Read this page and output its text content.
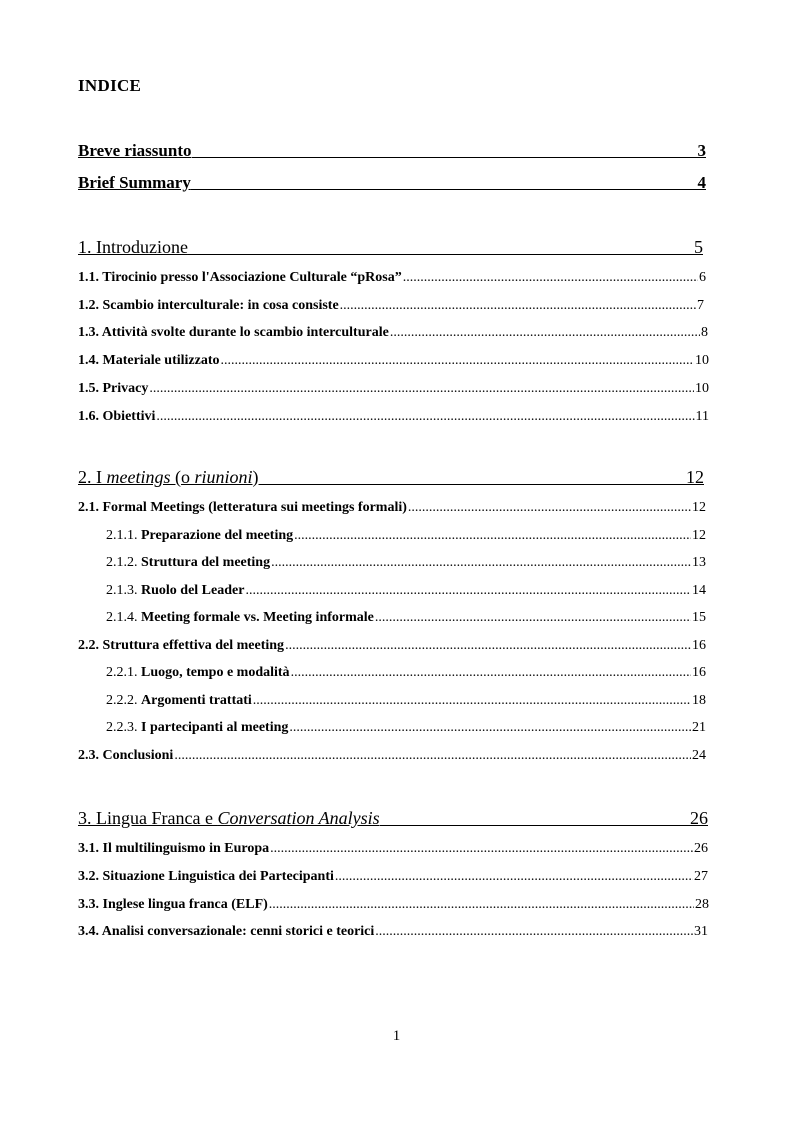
INDICE
Breve riassunto	3
Brief Summary	4
1. Introduzione	5
1.1. Tirocinio presso l'Associazione Culturale “pRosa” .....	6
1.2. Scambio interculturale: in cosa consiste .....	7
1.3. Attività svolte durante lo scambio interculturale .....	8
1.4. Materiale utilizzato .....	10
1.5. Privacy .....	10
1.6. Obiettivi .....	11
2. I meetings (o riunioni)	12
2.1. Formal Meetings (letteratura sui meetings formali) .....	12
2.1.1. Preparazione del meeting .....	12
2.1.2. Struttura del meeting .....	13
2.1.3. Ruolo del Leader .....	14
2.1.4. Meeting formale vs. Meeting informale .....	15
2.2. Struttura effettiva del meeting .....	16
2.2.1. Luogo, tempo e modalità .....	16
2.2.2. Argomenti trattati .....	18
2.2.3. I partecipanti al meeting .....	21
2.3. Conclusioni .....	24
3. Lingua Franca e Conversation Analysis	26
3.1. Il multilinguismo in Europa .....	26
3.2. Situazione Linguistica dei Partecipanti .....	27
3.3. Inglese lingua franca (ELF) .....	28
3.4. Analisi conversazionale: cenni storici e teorici .....	31
1
